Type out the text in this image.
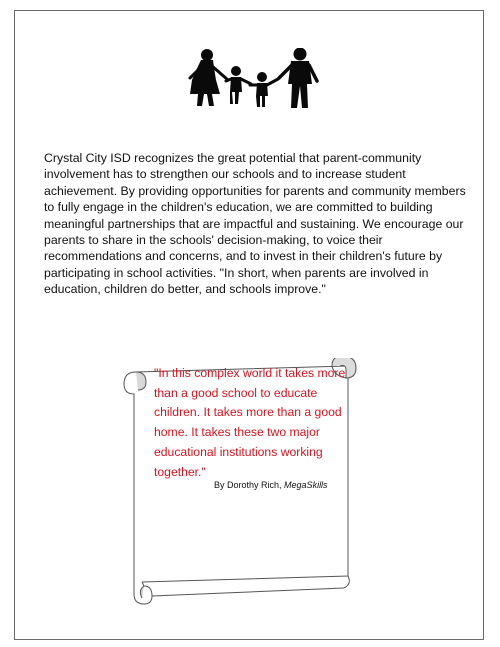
Crystal City ISD recognizes the great potential that parent-community involvement has to strengthen our schools and to increase student achievement. By providing opportunities for parents and community members to fully engage in the children's education, we are committed to building meaningful partnerships that are impactful and sustaining. We encourage our parents to share in the schools' decision-making, to voice their recommendations and concerns, and to invest in their children's future by participating in school activities. "In short, when parents are involved in education, children do better, and schools improve."

"In this complex world it takes more than a good school to educate children. It takes more than a good home. It takes these two major educational institutions working together."

By Dorothy Rich, MegaSkills
